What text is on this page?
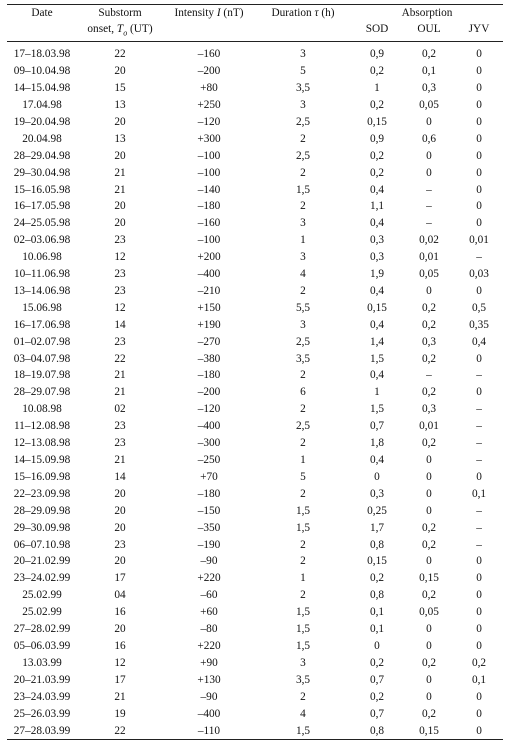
Date	Substorm	Intensity I (nT)	Duration τ (h)	Absorption		
	onset, $T_o$ (UT)			SOD	OUL	JYV
17–18.03.98	22	–160	3	0,9	0,2	0
09–10.04.98	20	–200	5	0,2	0,1	0
14–15.04.98	15	+80	3,5	1	0,3	0
17.04.98	13	+250	3	0,2	0,05	0
19–20.04.98	20	–120	2,5	0,15	0	0
20.04.98	13	+300	2	0,9	0,6	0
28–29.04.98	20	–100	2,5	0,2	0	0
29–30.04.98	21	–100	2	0,2	0	0
15–16.05.98	21	–140	1,5	0,4	–	0
16–17.05.98	20	–180	2	1,1	–	0
24–25.05.98	20	–160	3	0,4	–	0
02–03.06.98	23	–100	1	0,3	0,02	0,01
10.06.98	12	+200	3	0,3	0,01	–
10–11.06.98	23	–400	4	1,9	0,05	0,03
13–14.06.98	23	–210	2	0,4	0	0
15.06.98	12	+150	5,5	0,15	0,2	0,5
16–17.06.98	14	+190	3	0,4	0,2	0,35
01–02.07.98	23	–270	2,5	1,4	0,3	0,4
03–04.07.98	22	–380	3,5	1,5	0,2	0
18–19.07.98	21	–180	2	0,4	–	–
28–29.07.98	21	–200	6	1	0,2	0
10.08.98	02	–120	2	1,5	0,3	–
11–12.08.98	23	–400	2,5	0,7	0,01	–
12–13.08.98	23	–300	2	1,8	0,2	–
14–15.09.98	21	–250	1	0,4	0	–
15–16.09.98	14	+70	5	0	0	0
22–23.09.98	20	–180	2	0,3	0	0,1
28–29.09.98	20	–150	1,5	0,25	0	–
29–30.09.98	20	–350	1,5	1,7	0,2	–
06–07.10.98	23	–190	2	0,8	0,2	–
20–21.02.99	20	–90	2	0,15	0	0
23–24.02.99	17	+220	1	0,2	0,15	0
25.02.99	04	–60	2	0,8	0,2	0
25.02.99	16	+60	1,5	0,1	0,05	0
27–28.02.99	20	–80	1,5	0,1	0	0
05–06.03.99	16	+220	1,5	0	0	0
13.03.99	12	+90	3	0,2	0,2	0,2
20–21.03.99	17	+130	3,5	0,7	0	0,1
23–24.03.99	21	–90	2	0,2	0	0
25–26.03.99	19	–400	4	0,7	0,2	0
27–28.03.99	22	–110	1,5	0,8	0,15	0
